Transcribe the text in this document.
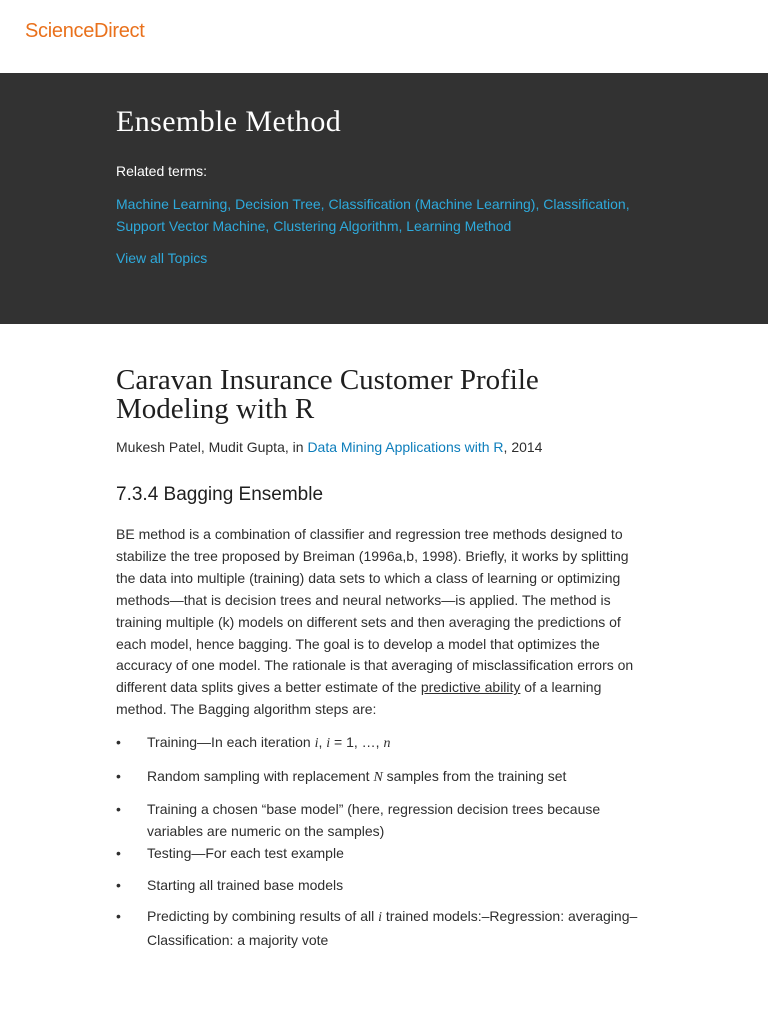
ScienceDirect
Ensemble Method
Related terms:
Machine Learning, Decision Tree, Classification (Machine Learning), Classification, Support Vector Machine, Clustering Algorithm, Learning Method
View all Topics
Caravan Insurance Customer Profile Modeling with R
Mukesh Patel, Mudit Gupta, in Data Mining Applications with R, 2014
7.3.4 Bagging Ensemble

BE method is a combination of classifier and regression tree methods designed to stabilize the tree proposed by Breiman (1996a,b, 1998). Briefly, it works by splitting the data into multiple (training) data sets to which a class of learning or optimizing methods—that is decision trees and neural networks—is applied. The method is training multiple (k) models on different sets and then averaging the predictions of each model, hence bagging. The goal is to develop a model that optimizes the accuracy of one model. The rationale is that averaging of misclassification errors on different data splits gives a better estimate of the predictive ability of a learning method. The Bagging algorithm steps are:

• Training—In each iteration i, i = 1, …, n
• Random sampling with replacement N samples from the training set
• Training a chosen “base model” (here, regression decision trees because variables are numeric on the samples)
• Testing—For each test example
• Starting all trained base models
• Predicting by combining results of all i trained models:–Regression: averaging–Classification: a majority vote
